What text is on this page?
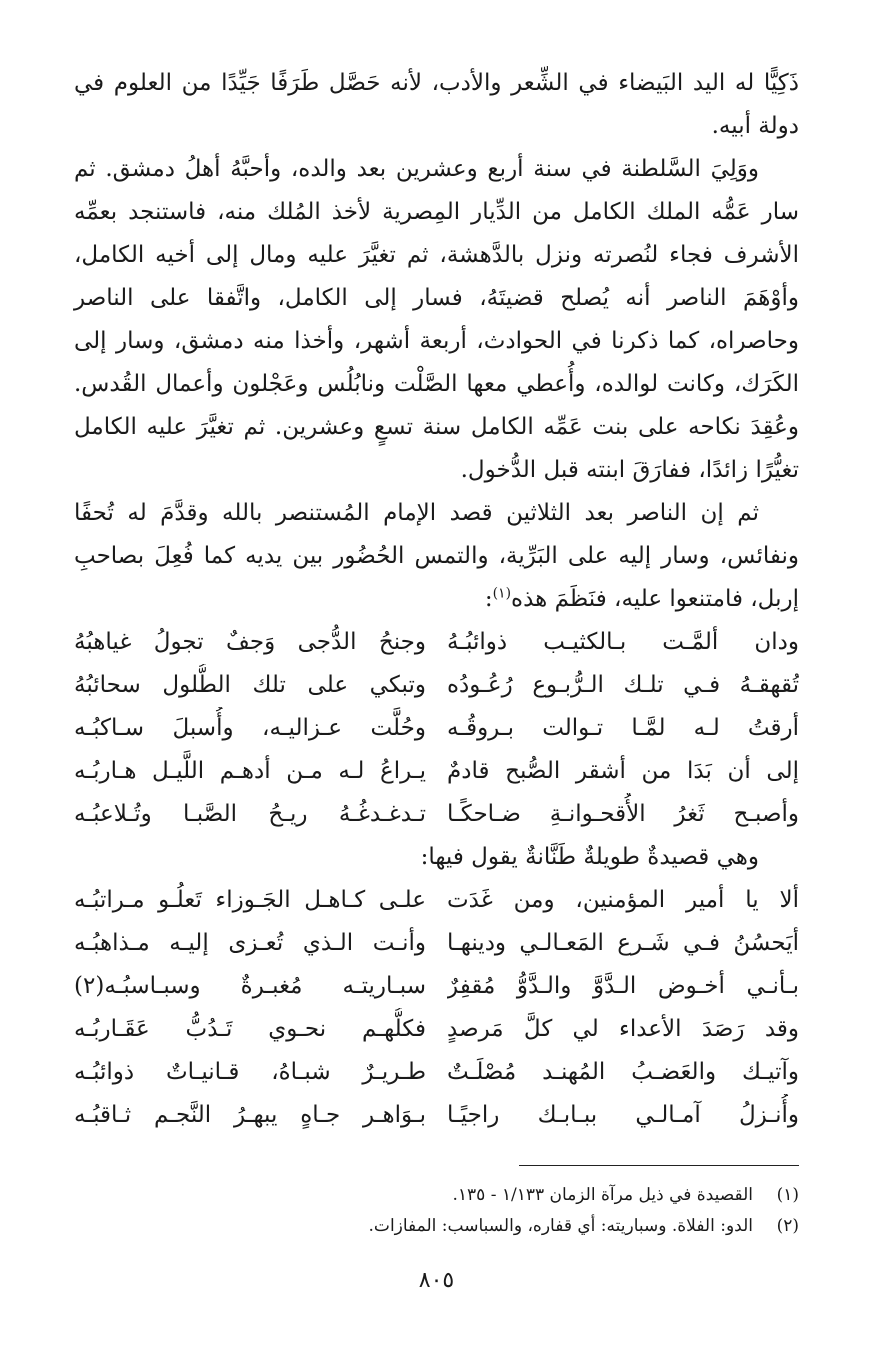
ذَكِيًّا له اليد البَيضاء في الشِّعر والأدب، لأنه حَصَّل طَرَفًا جَيِّدًا من العلوم في دولة أبيه.

ووَلِيَ السَّلطنة في سنة أربع وعشرين بعد والده، وأحبَّهُ أهلُ دمشق. ثم سار عَمُّه الملك الكامل من الدِّيار المِصرية لأخذ المُلك منه، فاستنجد بعمِّه الأشرف فجاء لنُصرته ونزل بالدَّهشة، ثم تغيَّرَ عليه ومال إلى أخيه الكامل، وأوْهَمَ الناصر أنه يُصلح قضيتَهُ، فسار إلى الكامل، واتَّفقا على الناصر وحاصراه، كما ذكرنا في الحوادث، أربعة أشهر، وأخذا منه دمشق، وسار إلى الكَرَك، وكانت لوالده، وأُعطي معها الصَّلْت ونابُلُس وعَجْلون وأعمال القُدس. وعُقِدَ نكاحه على بنت عَمِّه الكامل سنة تسعٍ وعشرين. ثم تغيَّرَ عليه الكامل تغيُّرًا زائدًا، ففارَقَ ابنته قبل الدُّخول.

ثم إن الناصر بعد الثلاثين قصد الإمام المُستنصر بالله وقدَّمَ له تُحفًا ونفائس، وسار إليه على البَرِّية، والتمس الحُضُور بين يديه كما فُعِلَ بصاحبِ إربل، فامتنعوا عليه، فنَظَمَ هذه$^{(١)}$:

ودان ألمَّـت بـالكثيـب ذوائبُـهُ
وجنحُ الدُّجى وَجفٌ تجولُ غياهبُهُ
تُقهقـهُ فـي تلـك الـرُّبـوع رُعُـودُه
وتبكي على تلك الطُّلول سحائبُهُ
أرقتُ لـه لمَّـا تـوالت بـروقُـه
وحُلَّت عـزاليـه، وأُسبلَ سـاكبُـه
إلى أن بَدَا من أشقر الصُّبح قادمٌ
يـراعُ لـه مـن أدهـم اللَّيـل هـاربُـه
وأصبـح ثَغرُ الأُقحـوانـةِ ضـاحكًـا
تـدغـدغُـهُ ريـحُ الصَّبـا وتُـلاعبُـه

وهي قصيدةٌ طويلةٌ طَنَّانةٌ يقول فيها:

ألا يا أمير المؤمنين، ومن غَدَت
علـى كـاهـل الجَـوزاء تَعلُـو مـراتبُـه
أيَحسُنُ فـي شَـرع المَعـالـي ودينهـا
وأنـت الـذي تُعـزى إليـه مـذاهبُـه
بـأنـي أخـوض الـدَّوَّ والـدَّوُّ مُقفِرٌ
سبـاريتـه مُغبـرةٌ وسبـاسبُـه(٢)
وقد رَصَدَ الأعداء لي كلَّ مَرصدٍ
فكلُّهـم نحـوي تَـدُبُّ عَقَـاربُـه
وآتيـك والعَضـبُ المُهنـد مُصْلَـتٌ
طـريـرٌ شبـاهُ، قـانيـاتٌ ذوائبُـه
وأُنـزلُ آمـالـي ببـابـك راجيًـا
بـوَاهـر جـاهٍ يبهـرُ النَّجـم ثـاقبُـه
(١)
القصيدة في ذيل مرآة الزمان ١/١٣٣ - ١٣٥.
(٢)
الدو: الفلاة. وسباريته: أي قفاره، والسباسب: المفازات.
٨٠٥
